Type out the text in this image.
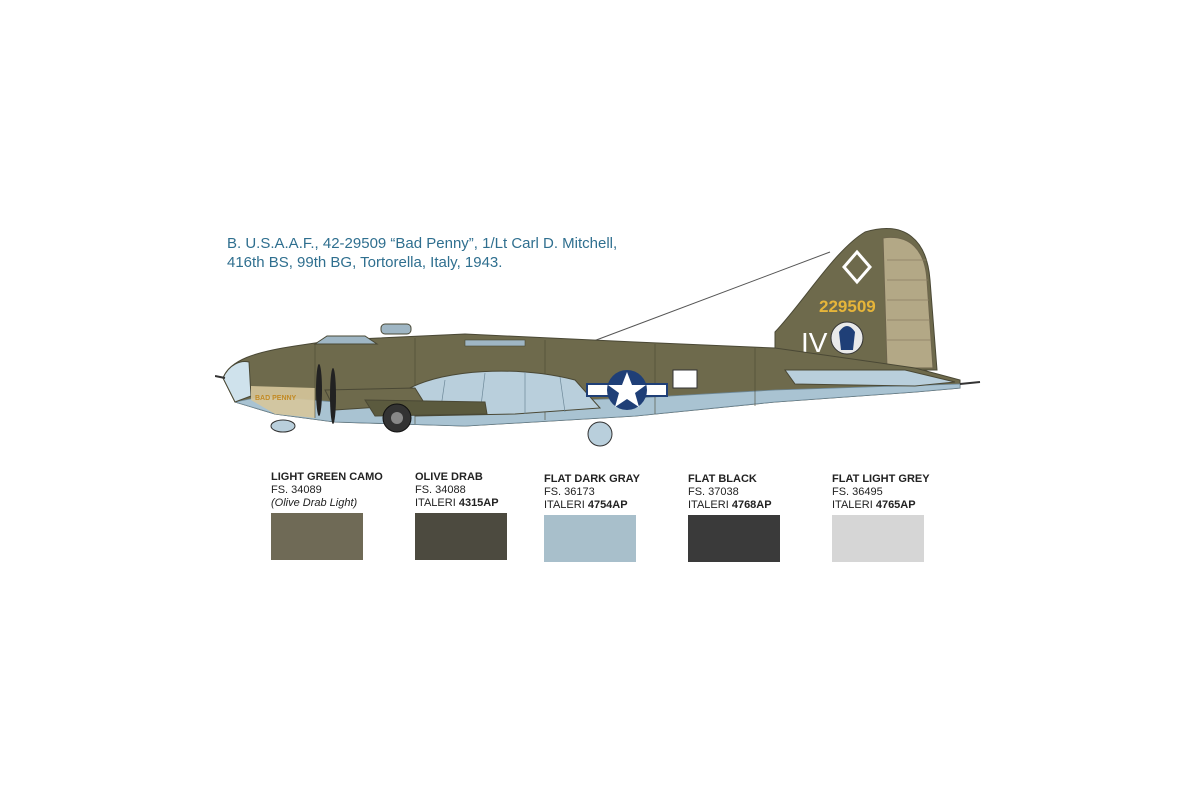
B. U.S.A.A.F., 42-29509 “Bad Penny”, 1/Lt Carl D. Mitchell,
416th BS, 99th BG, Tortorella, Italy, 1943.
229509
IV
BAD PENNY
LIGHT GREEN CAMO
FS. 34089
(Olive Drab Light)
OLIVE DRAB
FS. 34088
ITALERI 4315AP
FLAT DARK GRAY
FS. 36173
ITALERI 4754AP
FLAT BLACK
FS. 37038
ITALERI 4768AP
FLAT LIGHT GREY
FS. 36495
ITALERI 4765AP
